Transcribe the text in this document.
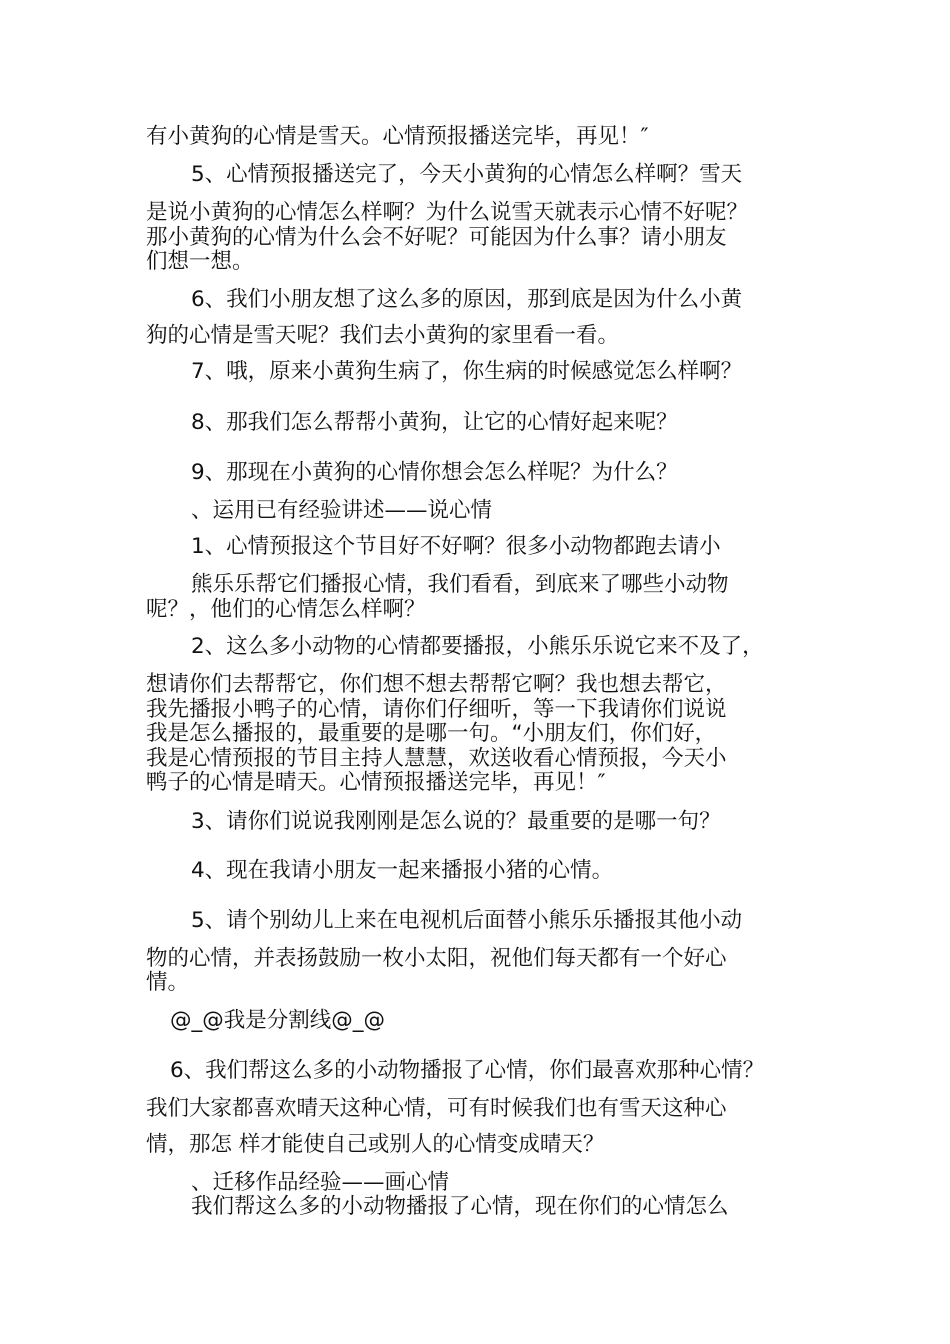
有小黄狗的心情是雪天。心情预报播送完毕，再见！″
5、心情预报播送完了，今天小黄狗的心情怎么样啊？雪天
是说小黄狗的心情怎么样啊？为什么说雪天就表示心情不好呢？
那小黄狗的心情为什么会不好呢？可能因为什么事？请小朋友
们想一想。
6、我们小朋友想了这么多的原因，那到底是因为什么小黄
狗的心情是雪天呢？我们去小黄狗的家里看一看。
7、哦，原来小黄狗生病了，你生病的时候感觉怎么样啊？
8、那我们怎么帮帮小黄狗，让它的心情好起来呢？
9、那现在小黄狗的心情你想会怎么样呢？为什么？
、运用已有经验讲述——说心情
1、心情预报这个节目好不好啊？很多小动物都跑去请小
熊乐乐帮它们播报心情，我们看看，到底来了哪些小动物
呢？，他们的心情怎么样啊？
2、这么多小动物的心情都要播报，小熊乐乐说它来不及了，
想请你们去帮帮它，你们想不想去帮帮它啊？我也想去帮它，
我先播报小鸭子的心情，请你们仔细听，等一下我请你们说说
我是怎么播报的，最重要的是哪一句。“小朋友们，你们好，
我是心情预报的节目主持人慧慧，欢送收看心情预报，今天小
鸭子的心情是晴天。心情预报播送完毕，再见！″
3、请你们说说我刚刚是怎么说的？最重要的是哪一句？
4、现在我请小朋友一起来播报小猪的心情。
5、请个别幼儿上来在电视机后面替小熊乐乐播报其他小动
物的心情，并表扬鼓励一枚小太阳，祝他们每天都有一个好心
情。
@_@我是分割线@_@
6、我们帮这么多的小动物播报了心情，你们最喜欢那种心情？
我们大家都喜欢晴天这种心情，可有时候我们也有雪天这种心
情，那怎 样才能使自己或别人的心情变成晴天？
、迁移作品经验——画心情
我们帮这么多的小动物播报了心情，现在你们的心情怎么
